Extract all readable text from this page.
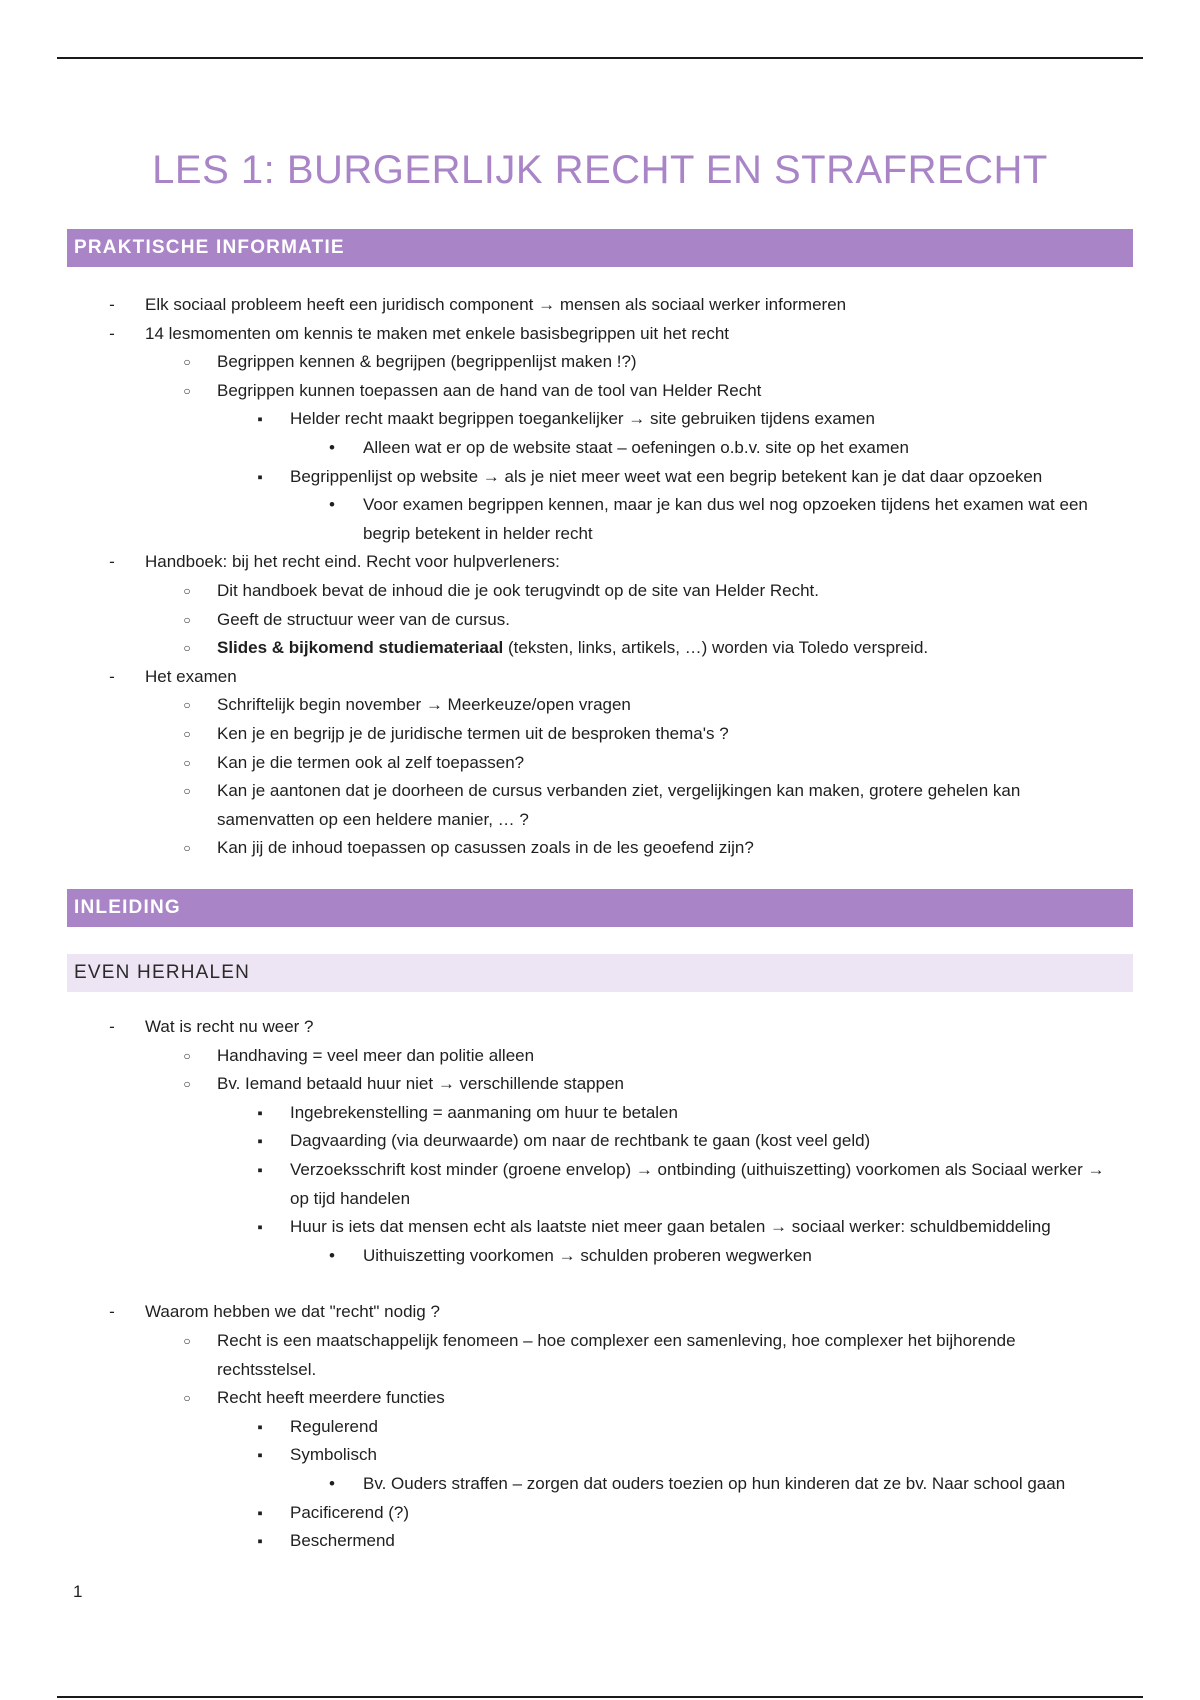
LES 1: BURGERLIJK RECHT EN STRAFRECHT
PRAKTISCHE INFORMATIE
-
Elk sociaal probleem heeft een juridisch component → mensen als sociaal werker informeren
-
14 lesmomenten om kennis te maken met enkele basisbegrippen uit het recht
○
Begrippen kennen & begrijpen (begrippenlijst maken !?)
○
Begrippen kunnen toepassen aan de hand van de tool van Helder Recht
▪
Helder recht maakt begrippen toegankelijker → site gebruiken tijdens examen
•
Alleen wat er op de website staat – oefeningen o.b.v. site op het examen
▪
Begrippenlijst op website → als je niet meer weet wat een begrip betekent kan je dat daar opzoeken
•
Voor examen begrippen kennen, maar je kan dus wel nog opzoeken tijdens het examen wat een begrip betekent in helder recht
-
Handboek: bij het recht eind. Recht voor hulpverleners:
○
Dit handboek bevat de inhoud die je ook terugvindt op de site van Helder Recht.
○
Geeft de structuur weer van de cursus.
○
Slides & bijkomend studiemateriaal (teksten, links, artikels, …) worden via Toledo verspreid.
-
Het examen
○
Schriftelijk begin november → Meerkeuze/open vragen
○
Ken je en begrijp je de juridische termen uit de besproken thema's ?
○
Kan je die termen ook al zelf toepassen?
○
Kan je aantonen dat je doorheen de cursus verbanden ziet, vergelijkingen kan maken, grotere gehelen kan samenvatten op een heldere manier, … ?
○
Kan jij de inhoud toepassen op casussen zoals in de les geoefend zijn?
INLEIDING
EVEN HERHALEN
-
Wat is recht nu weer ?
○
Handhaving = veel meer dan politie alleen
○
Bv. Iemand betaald huur niet → verschillende stappen
▪
Ingebrekenstelling = aanmaning om huur te betalen
▪
Dagvaarding (via deurwaarde) om naar de rechtbank te gaan (kost veel geld)
▪
Verzoeksschrift kost minder (groene envelop) → ontbinding (uithuiszetting) voorkomen als Sociaal werker → op tijd handelen
▪
Huur is iets dat mensen echt als laatste niet meer gaan betalen → sociaal werker: schuldbemiddeling
•
Uithuiszetting voorkomen → schulden proberen wegwerken
-
Waarom hebben we dat "recht" nodig ?
○
Recht is een maatschappelijk fenomeen – hoe complexer een samenleving, hoe complexer het bijhorende rechtsstelsel.
○
Recht heeft meerdere functies
▪
Regulerend
▪
Symbolisch
•
Bv. Ouders straffen – zorgen dat ouders toezien op hun kinderen dat ze bv. Naar school gaan
▪
Pacificerend (?)
▪
Beschermend
1
